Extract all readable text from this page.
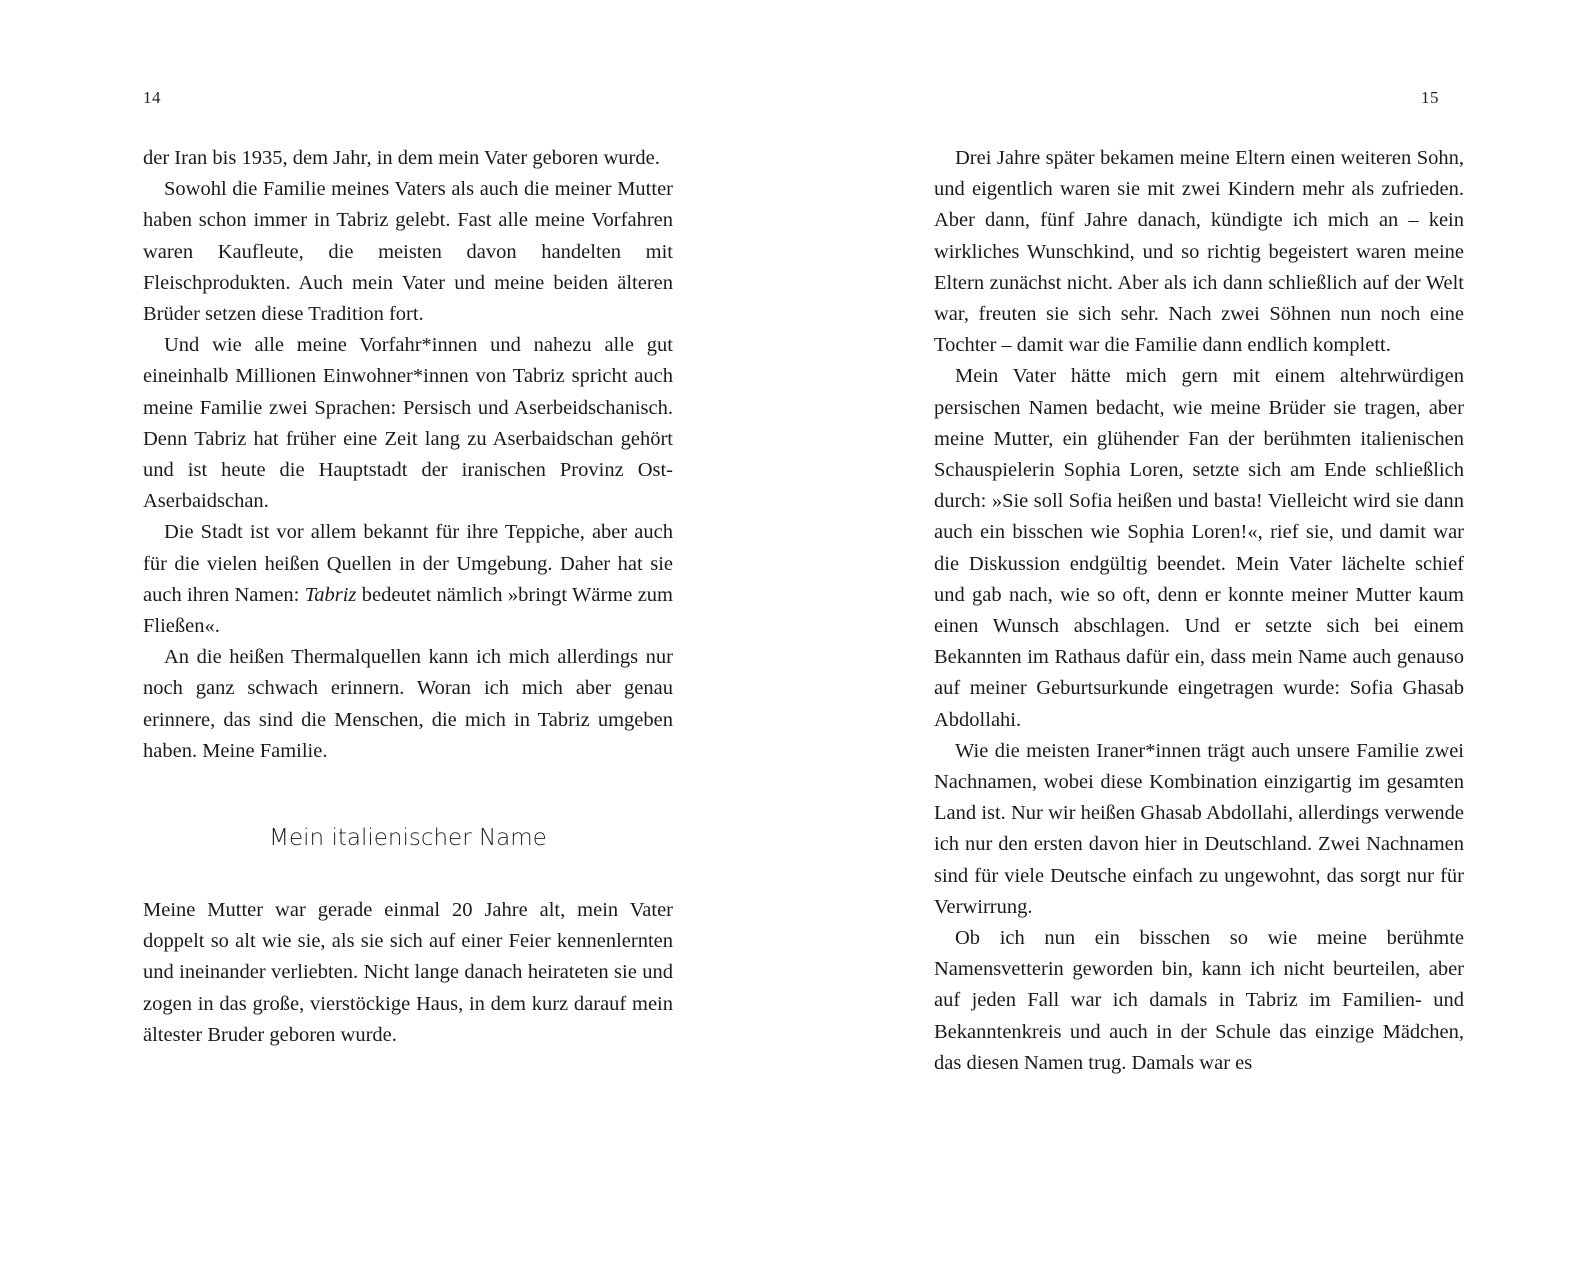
14

der Iran bis 1935, dem Jahr, in dem mein Vater geboren wurde.

Sowohl die Familie meines Vaters als auch die meiner Mutter haben schon immer in Tabriz gelebt. Fast alle meine Vorfahren waren Kaufleute, die meisten davon handelten mit Fleischprodukten. Auch mein Vater und meine beiden älteren Brüder setzen diese Tradition fort.

Und wie alle meine Vorfahr*innen und nahezu alle gut eineinhalb Millionen Einwohner*innen von Tabriz spricht auch meine Familie zwei Sprachen: Persisch und Aserbeidschanisch. Denn Tabriz hat früher eine Zeit lang zu Aserbaidschan gehört und ist heute die Hauptstadt der iranischen Provinz Ost-Aserbaidschan.

Die Stadt ist vor allem bekannt für ihre Teppiche, aber auch für die vielen heißen Quellen in der Umgebung. Daher hat sie auch ihren Namen: Tabriz bedeutet nämlich »bringt Wärme zum Fließen«.

An die heißen Thermalquellen kann ich mich allerdings nur noch ganz schwach erinnern. Woran ich mich aber genau erinnere, das sind die Menschen, die mich in Tabriz umgeben haben. Meine Familie.

Mein italienischer Name

Meine Mutter war gerade einmal 20 Jahre alt, mein Vater doppelt so alt wie sie, als sie sich auf einer Feier kennenlernten und ineinander verliebten. Nicht lange danach heirateten sie und zogen in das große, vierstöckige Haus, in dem kurz darauf mein ältester Bruder geboren wurde.

15

Drei Jahre später bekamen meine Eltern einen weiteren Sohn, und eigentlich waren sie mit zwei Kindern mehr als zufrieden. Aber dann, fünf Jahre danach, kündigte ich mich an – kein wirkliches Wunschkind, und so richtig begeistert waren meine Eltern zunächst nicht. Aber als ich dann schließlich auf der Welt war, freuten sie sich sehr. Nach zwei Söhnen nun noch eine Tochter – damit war die Familie dann endlich komplett.

Mein Vater hätte mich gern mit einem altehrwürdigen persischen Namen bedacht, wie meine Brüder sie tragen, aber meine Mutter, ein glühender Fan der berühmten italienischen Schauspielerin Sophia Loren, setzte sich am Ende schließlich durch: »Sie soll Sofia heißen und basta! Vielleicht wird sie dann auch ein bisschen wie Sophia Loren!«, rief sie, und damit war die Diskussion endgültig beendet. Mein Vater lächelte schief und gab nach, wie so oft, denn er konnte meiner Mutter kaum einen Wunsch abschlagen. Und er setzte sich bei einem Bekannten im Rathaus dafür ein, dass mein Name auch genauso auf meiner Geburtsurkunde eingetragen wurde: Sofia Ghasab Abdollahi.

Wie die meisten Iraner*innen trägt auch unsere Familie zwei Nachnamen, wobei diese Kombination einzigartig im gesamten Land ist. Nur wir heißen Ghasab Abdollahi, allerdings verwende ich nur den ersten davon hier in Deutschland. Zwei Nachnamen sind für viele Deutsche einfach zu ungewohnt, das sorgt nur für Verwirrung.

Ob ich nun ein bisschen so wie meine berühmte Namensvetterin geworden bin, kann ich nicht beurteilen, aber auf jeden Fall war ich damals in Tabriz im Familien- und Bekanntenkreis und auch in der Schule das einzige Mädchen, das diesen Namen trug. Damals war es
